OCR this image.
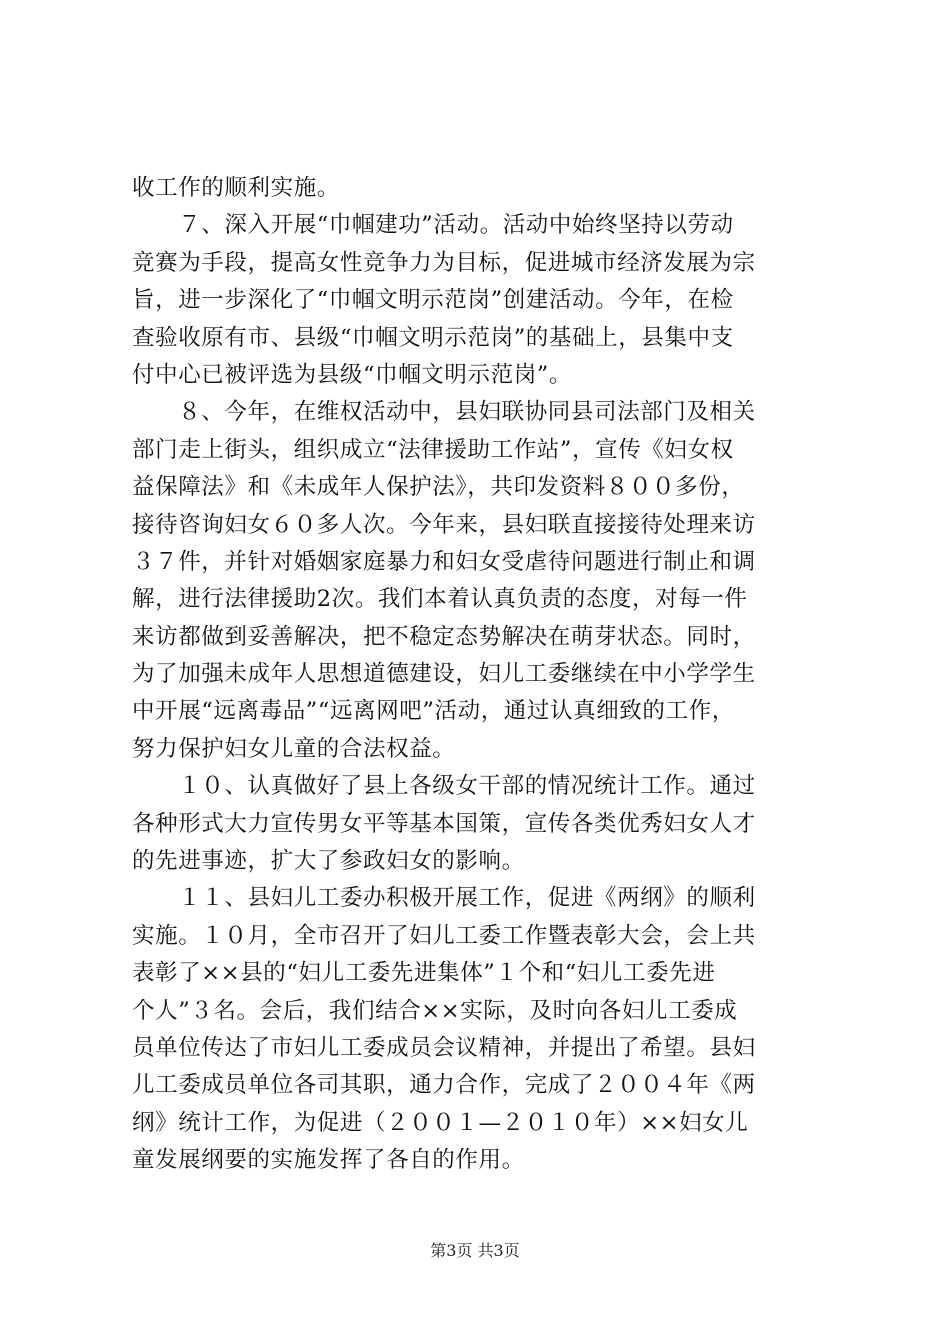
收工作的顺利实施。
　　７、深入开展“巾帼建功”活动。活动中始终坚持以劳动
竞赛为手段，提高女性竞争力为目标，促进城市经济发展为宗
旨，进一步深化了“巾帼文明示范岗”创建活动。今年，在检
查验收原有市、县级“巾帼文明示范岗”的基础上，县集中支
付中心已被评选为县级“巾帼文明示范岗”。
　　８、今年，在维权活动中，县妇联协同县司法部门及相关
部门走上街头，组织成立“法律援助工作站”，宣传《妇女权
益保障法》和《未成年人保护法》，共印发资料８００多份，
接待咨询妇女６０多人次。今年来，县妇联直接接待处理来访
３７件，并针对婚姻家庭暴力和妇女受虐待问题进行制止和调
解，进行法律援助2次。我们本着认真负责的态度，对每一件
来访都做到妥善解决，把不稳定态势解决在萌芽状态。同时，
为了加强未成年人思想道德建设，妇儿工委继续在中小学学生
中开展“远离毒品”“远离网吧”活动，通过认真细致的工作，
努力保护妇女儿童的合法权益。
　　１０、认真做好了县上各级女干部的情况统计工作。通过
各种形式大力宣传男女平等基本国策，宣传各类优秀妇女人才
的先进事迹，扩大了参政妇女的影响。
　　１１、县妇儿工委办积极开展工作，促进《两纲》的顺利
实施。１０月，全市召开了妇儿工委工作暨表彰大会，会上共
表彰了××县的“妇儿工委先进集体”１个和“妇儿工委先进
个人”３名。会后，我们结合××实际，及时向各妇儿工委成
员单位传达了市妇儿工委成员会议精神，并提出了希望。县妇
儿工委成员单位各司其职，通力合作，完成了２００４年《两
纲》统计工作，为促进（２００１—２０１０年）××妇女儿
童发展纲要的实施发挥了各自的作用。
第3页 共3页
